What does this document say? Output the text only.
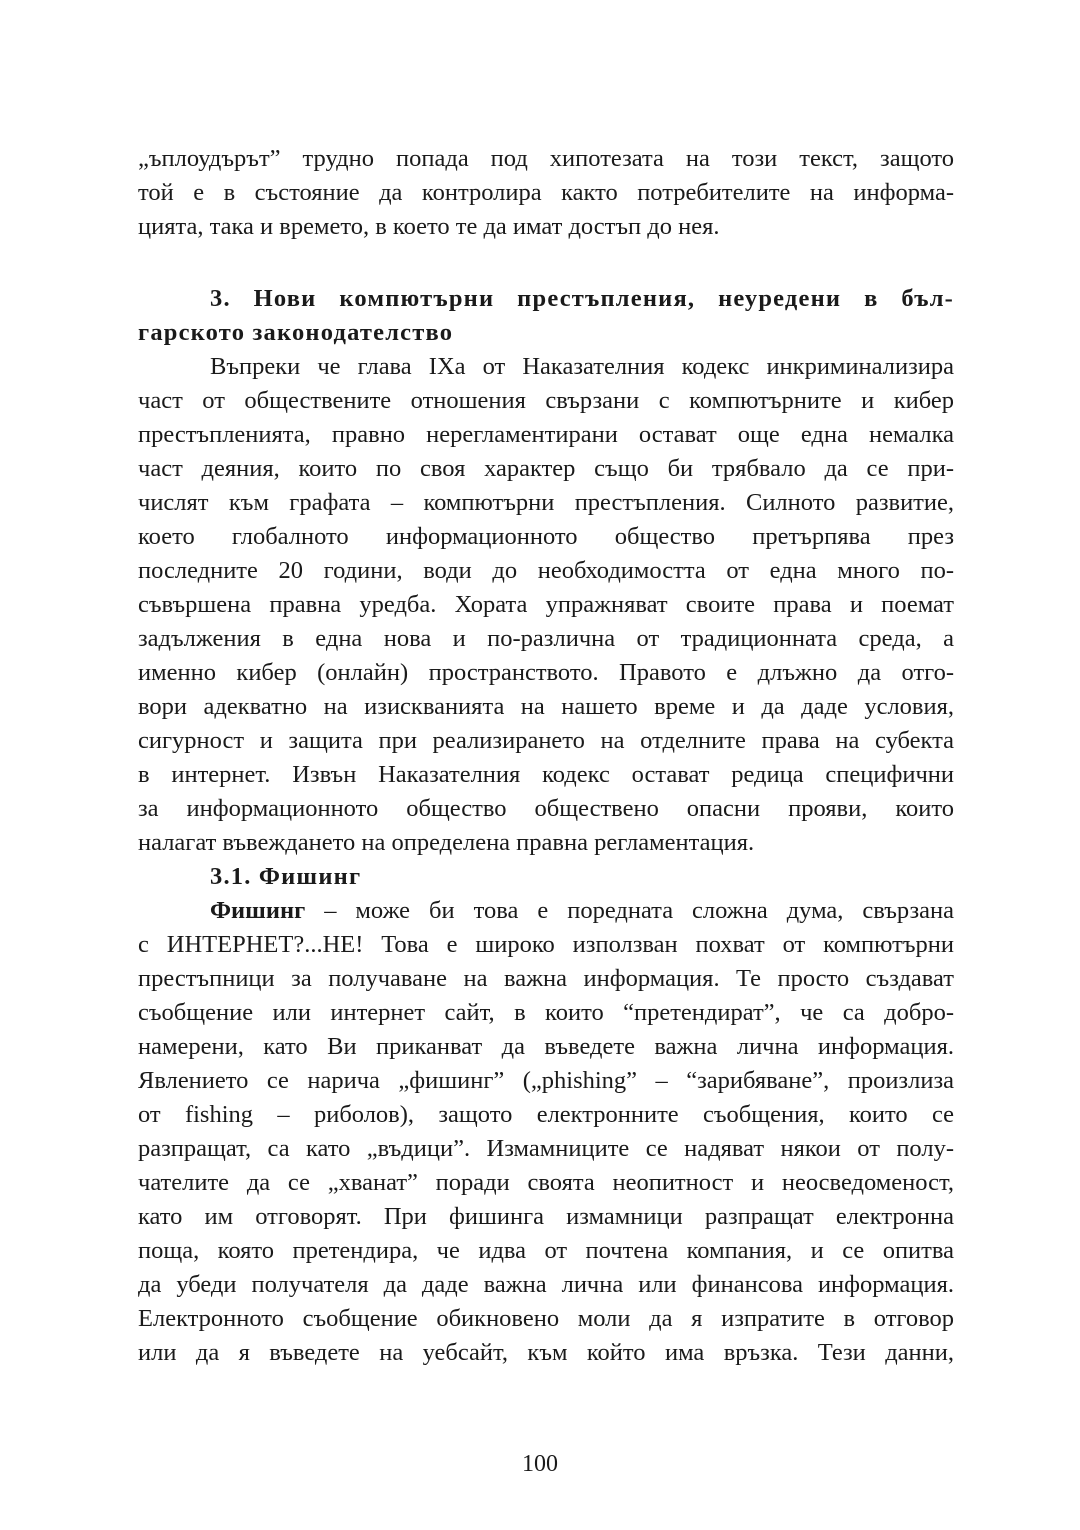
„ъплоудърът” трудно попада под хипотезата на този текст, защото
той е в състояние да контролира както потребителите на информа-
цията, така и времето, в което те да имат достъп до нея.
3. Нови компютърни престъпления, неуредени в бъл-
гарското законодателство
Въпреки че глава IХа от Наказателния кодекс инкриминализира
част от обществените отношения свързани с компютърните и кибер
престъпленията, правно нерегламентирани остават още една немалка
част деяния, които по своя характер също би трябвало да се при-
числят към графата – компютърни престъпления. Силното развитие,
което глобалното информационното общество претърпява през
последните 20 години, води до необходимостта от една много по-
съвършена правна уредба. Хората упражняват своите права и поемат
задължения в една нова и по-различна от традиционната среда, а
именно кибер (онлайн) пространството. Правото е длъжно да отго-
вори адекватно на изискванията на нашето време и да даде условия,
сигурност и защита при реализирането на отделните права на субекта
в интернет. Извън Наказателния кодекс остават редица специфични
за информационното общество обществено опасни прояви, които
налагат въвеждането на определена правна регламентация.
3.1. Фишинг
Фишинг – може би това е поредната сложна дума, свързана
с ИНТЕРНЕТ?...НЕ! Това е широко използван похват от компютърни
престъпници за получаване на важна информация. Те просто създават
съобщение или интернет сайт, в които “претендират”, че са добро-
намерени, като Ви приканват да въведете важна лична информация.
Явлението се нарича „фишинг” („phishing” – “зарибяване”, произлиза
от fishing – риболов), защото електронните съобщения, които се
разпращат, са като „въдици”. Измамниците се надяват някои от полу-
чателите да се „хванат” поради своята неопитност и неосведоменост,
като им отговорят. При фишинга измамници разпращат електронна
поща, която претендира, че идва от почтена компания, и се опитва
да убеди получателя да даде важна лична или финансова информация.
Електронното съобщение обикновено моли да я изпратите в отговор
или да я въведете на уебсайт, към който има връзка. Тези данни,
100
